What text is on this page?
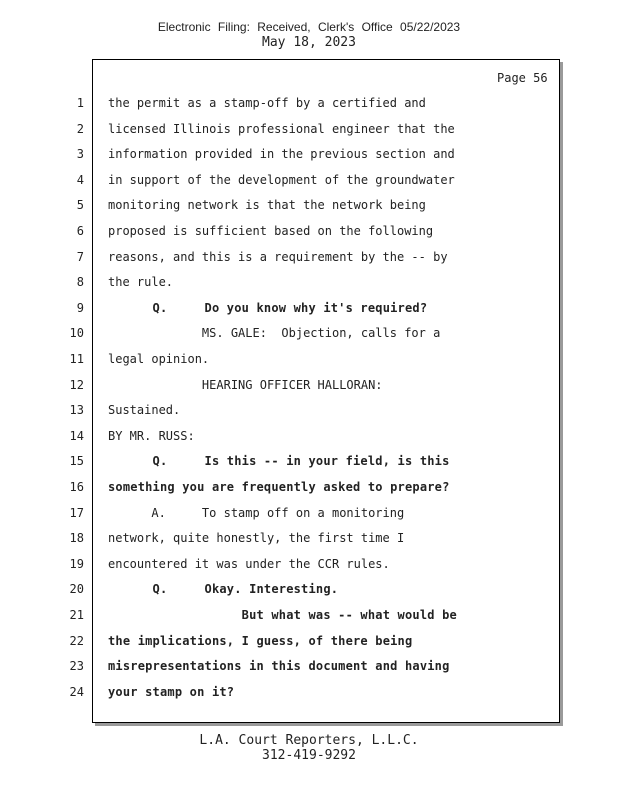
Electronic Filing: Received, Clerk's Office 05/22/2023
May 18, 2023
Page 56
1 the permit as a stamp-off by a certified and
2 licensed Illinois professional engineer that the
3 information provided in the previous section and
4 in support of the development of the groundwater
5 monitoring network is that the network being
6 proposed is sufficient based on the following
7 reasons, and this is a requirement by the -- by
8 the rule.
9 Q.     Do you know why it's required?
10 MS. GALE:  Objection, calls for a
11 legal opinion.
12 HEARING OFFICER HALLORAN:
13 Sustained.
14 BY MR. RUSS:
15 Q.     Is this -- in your field, is this
16 something you are frequently asked to prepare?
17 A.     To stamp off on a monitoring
18 network, quite honestly, the first time I
19 encountered it was under the CCR rules.
20 Q.     Okay. Interesting.
21 But what was -- what would be
22 the implications, I guess, of there being
23 misrepresentations in this document and having
24 your stamp on it?
L.A. Court Reporters, L.L.C.
312-419-9292
